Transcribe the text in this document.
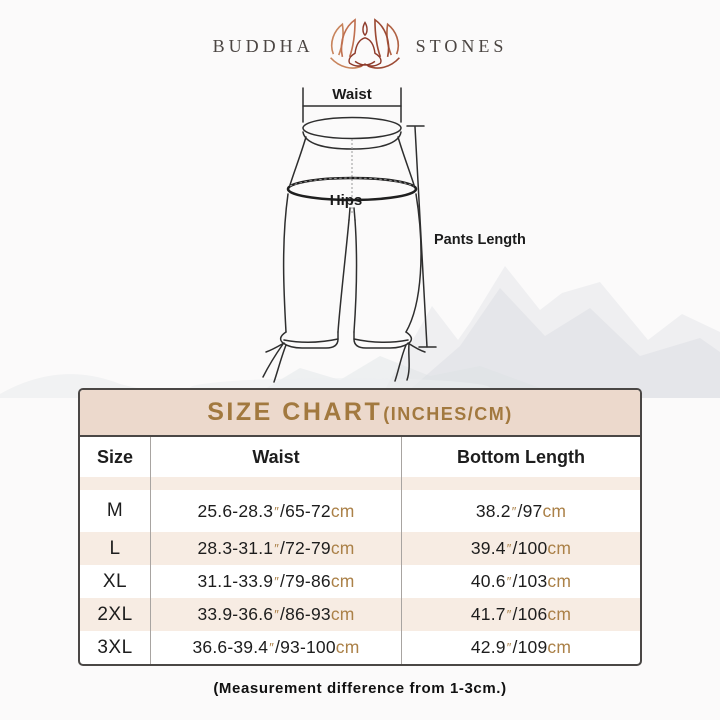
BUDDHA	STONES
Waist
Hips
Pants Length
SIZE CHART (INCHES/CM)
Size	Waist	Bottom Length
M	25.6-28.3 ″ / 65-72 cm	38.2 ″ / 97 cm
L	28.3-31.1 ″ / 72-79 cm	39.4 ″ / 100 cm
XL	31.1-33.9 ″ / 79-86 cm	40.6 ″ / 103 cm
2XL	33.9-36.6 ″ / 86-93 cm	41.7 ″ / 106 cm
3XL	36.6-39.4 ″ / 93-100 cm	42.9 ″ / 109 cm
(Measurement difference from 1-3cm.)
